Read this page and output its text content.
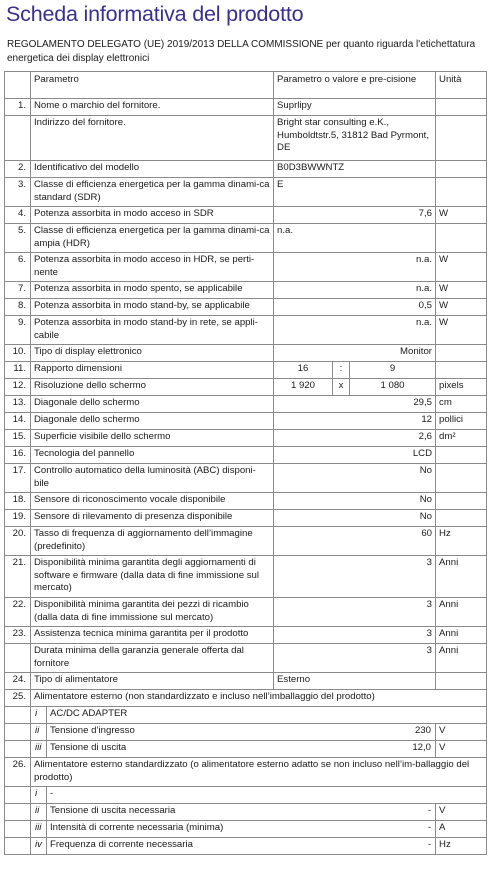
Scheda informativa del prodotto
REGOLAMENTO DELEGATO (UE) 2019/2013 DELLA COMMISSIONE per quanto riguarda l'etichettatura energetica dei display elettronici
	Parametro		Parametro o valore e pre-cisione			Unità
1.	Nome o marchio del fornitore.		Suprlipy			
	Indirizzo del fornitore.		Bright star consulting e.K., Humboldtstr.5, 31812 Bad Pyrmont, DE			
2.	Identificativo del modello		B0D3BWWNTZ			
3.	Classe di efficienza energetica per la gamma dinami-ca standard (SDR)		E			
4.	Potenza assorbita in modo acceso in SDR		7,6			W
5.	Classe di efficienza energetica per la gamma dinami-ca ampia (HDR)		n.a.			
6.	Potenza assorbita in modo acceso in HDR, se perti-nente		n.a.			W
7.	Potenza assorbita in modo spento, se applicabile		n.a.			W
8.	Potenza assorbita in modo stand-by, se applicabile		0,5			W
9.	Potenza assorbita in modo stand-by in rete, se appli-cabile		n.a.			W
10.	Tipo di display elettronico		Monitor			
11.	Rapporto dimensioni		16	:	9	
12.	Risoluzione dello schermo		1 920	x	1 080	pixels
13.	Diagonale dello schermo		29,5			cm
14.	Diagonale dello schermo		12			pollici
15.	Superficie visibile dello schermo		2,6			dm²
16.	Tecnologia del pannello		LCD			
17.	Controllo automatico della luminosità (ABC) disponi-bile		No			
18.	Sensore di riconoscimento vocale disponibile		No			
19.	Sensore di rilevamento di presenza disponibile		No			
20.	Tasso di frequenza di aggiornamento dell’immagine (predefinito)		60			Hz
21.	Disponibilità minima garantita degli aggiornamenti di software e firmware (dalla data di fine immissione sul mercato)		3			Anni
22.	Disponibilità minima garantita dei pezzi di ricambio (dalla data di fine immissione sul mercato)		3			Anni
23.	Assistenza tecnica minima garantita per il prodotto		3			Anni
	Durata minima della garanzia generale offerta dal fornitore		3			Anni
24.	Tipo di alimentatore		Esterno			
25.	Alimentatore esterno (non standardizzato e incluso nell’imballaggio del prodotto)					
	i	AC/DC ADAPTER				
	ii	Tensione d’ingresso 230				V
	iii	Tensione di uscita 12,0				V
26.	Alimentatore esterno standardizzato (o alimentatore esterno adatto se non incluso nell’im-ballaggio del prodotto)					
	i	-				
	ii	Tensione di uscita necessaria -				V
	iii	Intensità di corrente necessaria (minima) -				A
	iv	Frequenza di corrente necessaria -				Hz
